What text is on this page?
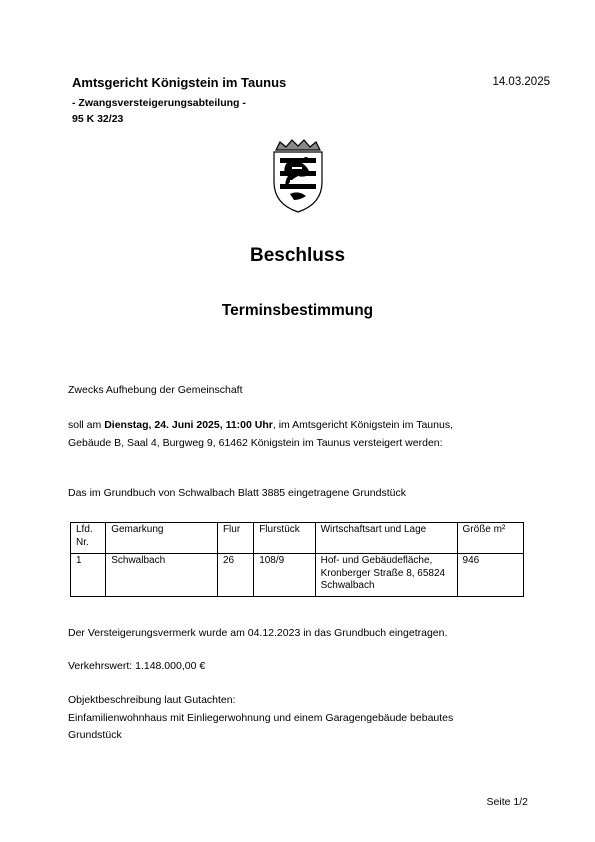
Amtsgericht Königstein im Taunus	14.03.2025
- Zwangsversteigerungsabteilung -
95 K 32/23
Beschluss
Terminsbestimmung
Zwecks Aufhebung der Gemeinschaft
soll am Dienstag, 24. Juni 2025, 11:00 Uhr, im Amtsgericht Königstein im Taunus,
Gebäude B, Saal 4, Burgweg 9, 61462 Königstein im Taunus versteigert werden:
Das im Grundbuch von Schwalbach Blatt 3885 eingetragene Grundstück
Lfd. Nr.	Gemarkung	Flur	Flurstück	Wirtschaftsart und Lage	Größe m²
1	Schwalbach	26	108/9	Hof- und Gebäudefläche, Kronberger Straße 8, 65824 Schwalbach	946
Der Versteigerungsvermerk wurde am 04.12.2023 in das Grundbuch eingetragen.
Verkehrswert: 1.148.000,00 €
Objektbeschreibung laut Gutachten:
Einfamilienwohnhaus mit Einliegerwohnung und einem Garagengebäude bebautes
Grundstück
Seite 1/2
